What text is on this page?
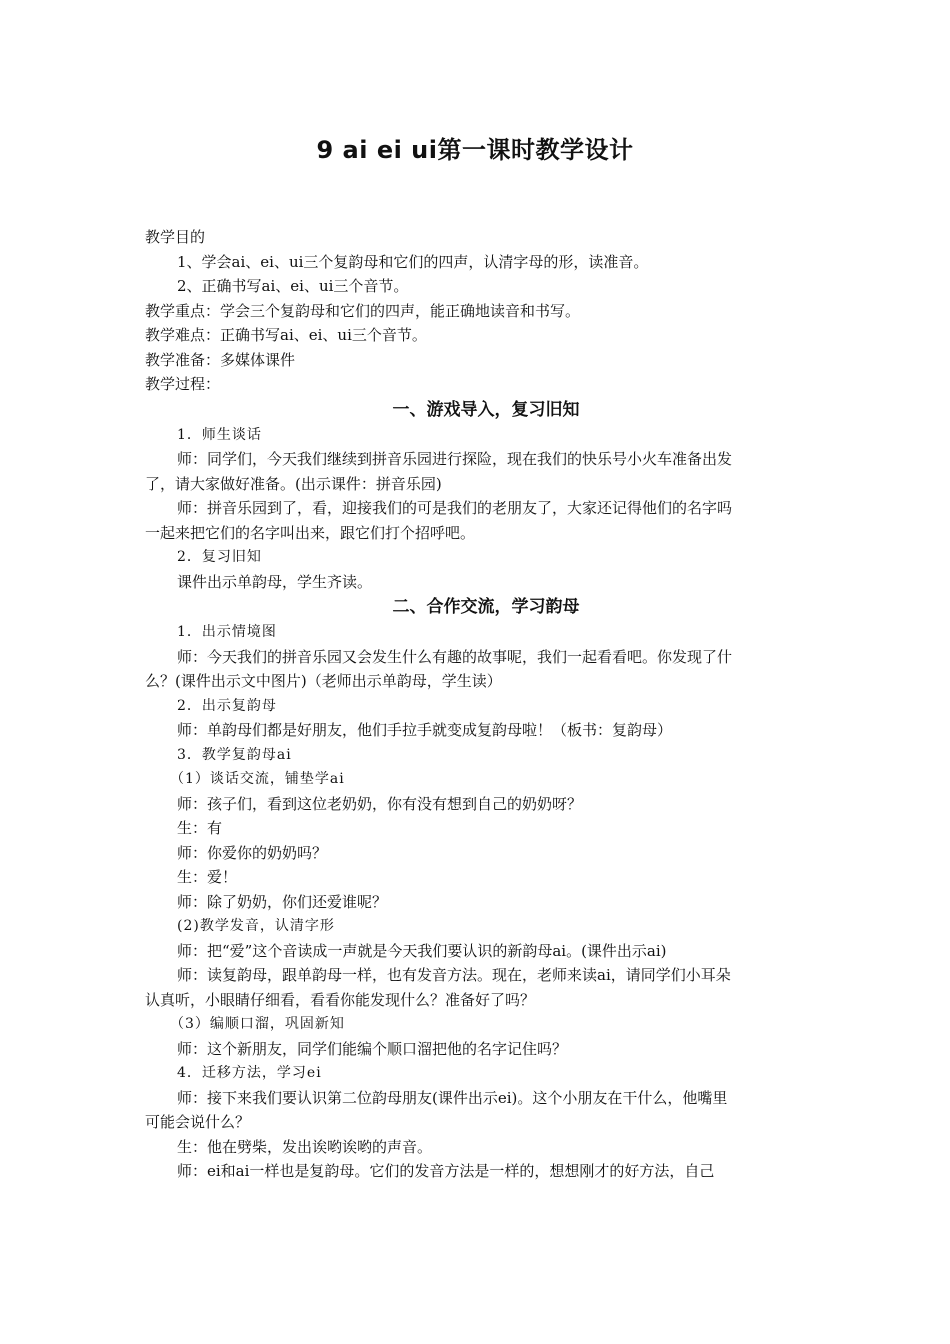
9 ai ei ui第一课时教学设计
教学目的
1、学会ai、ei、ui三个复韵母和它们的四声，认清字母的形，读准音。
2、正确书写ai、ei、ui三个音节。
教学重点：学会三个复韵母和它们的四声，能正确地读音和书写。
教学难点：正确书写ai、ei、ui三个音节。
教学准备：多媒体课件
教学过程：
一、游戏导入，复习旧知
1．师生谈话
师：同学们，今天我们继续到拼音乐园进行探险，现在我们的快乐号小火车准备出发
了，请大家做好准备。(出示课件：拼音乐园)
师：拼音乐园到了，看，迎接我们的可是我们的老朋友了，大家还记得他们的名字吗
一起来把它们的名字叫出来，跟它们打个招呼吧。
2．复习旧知
课件出示单韵母，学生齐读。
二、合作交流，学习韵母
1．出示情境图
师：今天我们的拼音乐园又会发生什么有趣的故事呢，我们一起看看吧。你发现了什
么？(课件出示文中图片)（老师出示单韵母，学生读）
2．出示复韵母
师：单韵母们都是好朋友，他们手拉手就变成复韵母啦！（板书：复韵母）
3．教学复韵母ai
（1）谈话交流，铺垫学ai
师：孩子们，看到这位老奶奶，你有没有想到自己的奶奶呀？
生：有
师：你爱你的奶奶吗？
生：爱！
师：除了奶奶，你们还爱谁呢？
(2)教学发音，认清字形
师：把“爱”这个音读成一声就是今天我们要认识的新韵母ai。(课件出示ai)
师：读复韵母，跟单韵母一样，也有发音方法。现在，老师来读ai，请同学们小耳朵
认真听，小眼睛仔细看，看看你能发现什么？准备好了吗？
（3）编顺口溜，巩固新知
师：这个新朋友，同学们能编个顺口溜把他的名字记住吗？
4．迁移方法，学习ei
师：接下来我们要认识第二位韵母朋友(课件出示ei)。这个小朋友在干什么，他嘴里
可能会说什么？
生：他在劈柴，发出诶哟诶哟的声音。
师：ei和ai一样也是复韵母。它们的发音方法是一样的，想想刚才的好方法，自己
